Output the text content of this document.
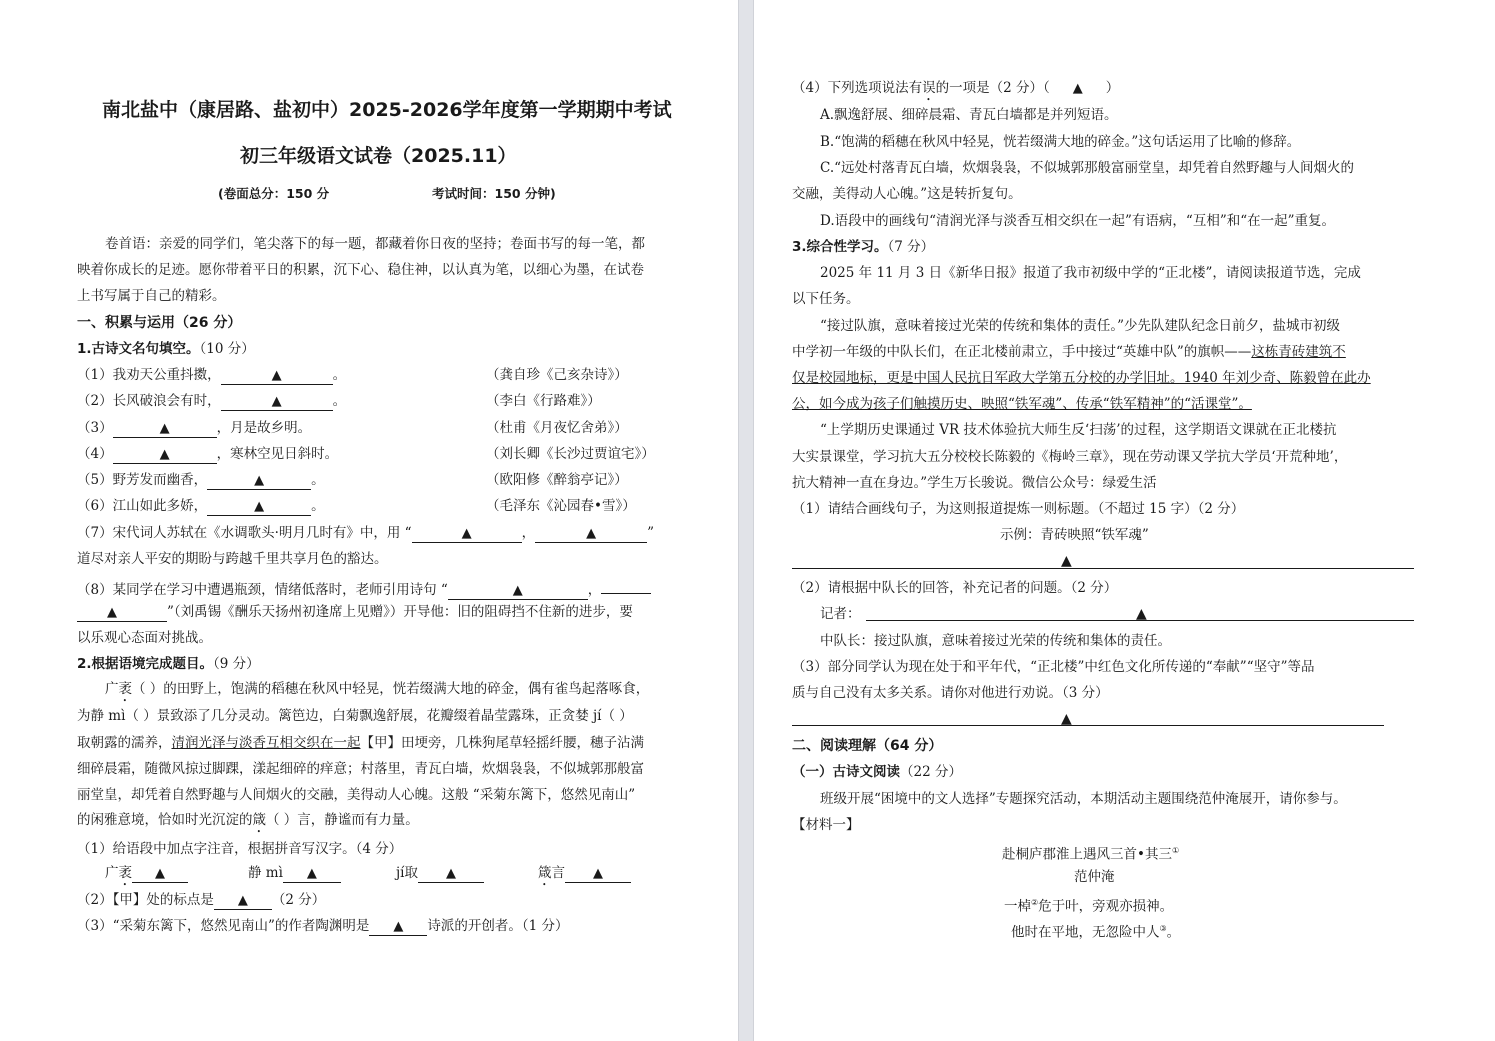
南北盐中（康居路、盐初中）2025-2026学年度第一学期期中考试
初三年级语文试卷（2025.11）
(卷面总分：150 分	考试时间：150 分钟)
卷首语：亲爱的同学们，笔尖落下的每一题，都藏着你日夜的坚持；卷面书写的每一笔，都
映着你成长的足迹。愿你带着平日的积累，沉下心、稳住神，以认真为笔，以细心为墨，在试卷
上书写属于自己的精彩。
一、积累与运用（26 分）
1.古诗文名句填空。（10 分）
（1）我劝天公重抖擞，	▲	。	（龚自珍《己亥杂诗》）
（2）长风破浪会有时，	▲	。	（李白《行路难》）
（3）	▲	，月是故乡明。	（杜甫《月夜忆舍弟》）
（4）	▲	，寒林空见日斜时。	（刘长卿《长沙过贾谊宅》）
（5）野芳发而幽香，	▲	。	（欧阳修《醉翁亭记》）
（6）江山如此多娇，	▲	。	（毛泽东《沁园春•雪》）
（7）宋代词人苏轼在《水调歌头·明月几时有》中，用 “	▲	，	▲	”
道尽对亲人平安的期盼与跨越千里共享月色的豁达。
（8）某同学在学习中遭遇瓶颈，情绪低落时，老师引用诗句 “	▲	，
▲	”（刘禹锡《酬乐天扬州初逢席上见赠》）开导他：旧的阻碍挡不住新的进步，要
以乐观心态面对挑战。
2.根据语境完成题目。（9 分）
广袤（ ）的田野上，饱满的稻穗在秋风中轻晃，恍若缀满大地的碎金，偶有雀鸟起落啄食，
为静 mì（ ）景致添了几分灵动。篱笆边，白菊飘逸舒展，花瓣缀着晶莹露珠，正贪婪 jí（ ）
取朝露的濡养，清润光泽与淡香互相交织在一起【甲】田埂旁，几株狗尾草轻摇纤腰，穗子沾满
细碎晨霜，随微风掠过脚踝，漾起细碎的痒意；村落里，青瓦白墙，炊烟袅袅，不似城郭那般富
丽堂皇，却凭着自然野趣与人间烟火的交融，美得动人心魄。这般 “采菊东篱下，悠然见南山”
的闲雅意境，恰如时光沉淀的箴（ ）言，静谧而有力量。
（1）给语段中加点字注音，根据拼音写汉字。（4 分）
广袤 ▲	静 mì ▲	jí取 ▲	箴言 ▲
（2）【甲】处的标点是 ▲ （2 分）
（3）“采菊东篱下，悠然见南山”的作者陶渊明是 ▲ 诗派的开创者。（1 分）
（4）下列选项说法有误的一项是（2 分）（ ▲ ）
A.飘逸舒展、细碎晨霜、青瓦白墙都是并列短语。
B.“饱满的稻穗在秋风中轻晃，恍若缀满大地的碎金。”这句话运用了比喻的修辞。
C.“远处村落青瓦白墙，炊烟袅袅，不似城郭那般富丽堂皇，却凭着自然野趣与人间烟火的
交融，美得动人心魄。”这是转折复句。
D.语段中的画线句“清润光泽与淡香互相交织在一起”有语病，“互相”和“在一起”重复。
3.综合性学习。（7 分）
2025 年 11 月 3 日《新华日报》报道了我市初级中学的“正北楼”，请阅读报道节选，完成
以下任务。
“接过队旗，意味着接过光荣的传统和集体的责任。”少先队建队纪念日前夕，盐城市初级
中学初一年级的中队长们，在正北楼前肃立，手中接过“英雄中队”的旗帜——这栋青砖建筑不
仅是校园地标，更是中国人民抗日军政大学第五分校的办学旧址。1940 年刘少奇、陈毅曾在此办
公，如今成为孩子们触摸历史、映照“铁军魂”、传承“铁军精神”的“活课堂”。
“上学期历史课通过 VR 技术体验抗大师生反‘扫荡’的过程，这学期语文课就在正北楼抗
大实景课堂，学习抗大五分校校长陈毅的《梅岭三章》，现在劳动课又学抗大学员‘开荒种地’，
抗大精神一直在身边。”学生万长骏说。微信公众号：绿爱生活
（1）请结合画线句子，为这则报道提炼一则标题。（不超过 15 字）（2 分）
示例：青砖映照“铁军魂”
▲
（2）请根据中队长的回答，补充记者的问题。（2 分）
记者：	▲
中队长：接过队旗，意味着接过光荣的传统和集体的责任。
（3）部分同学认为现在处于和平年代，“正北楼”中红色文化所传递的“奉献”“坚守”等品
质与自己没有太多关系。请你对他进行劝说。（3 分）
▲
二、阅读理解（64 分）
（一）古诗文阅读（22 分）
班级开展“困境中的文人选择”专题探究活动，本期活动主题围绕范仲淹展开，请你参与。
【材料一】
赴桐庐郡淮上遇风三首•其三①
范仲淹
一棹②危于叶，旁观亦损神。
他时在平地，无忽险中人③。
